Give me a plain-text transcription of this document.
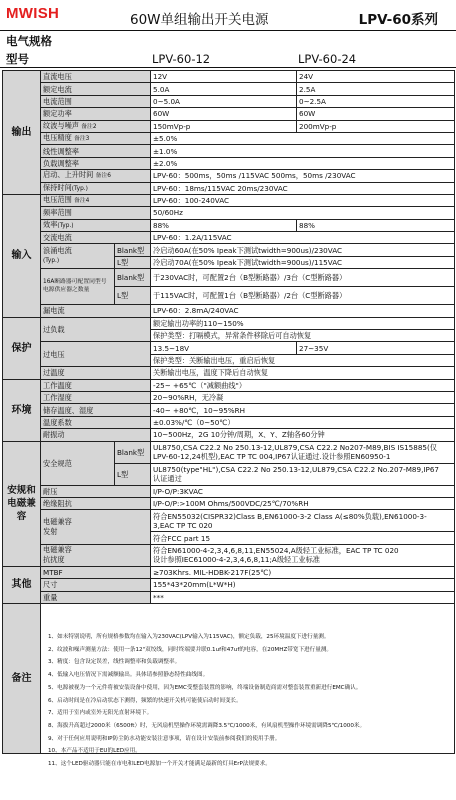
MWISH	60W单组输出开关电源	LPV-60系列
电气规格
型号	LPV-60-12	LPV-60-24
输出	直流电压		12V	24V
	额定电流		5.0A	2.5A
	电流范围		0~5.0A	0~2.5A
	额定功率		60W	60W
	纹波与噪声 备注2		150mVp-p	200mVp-p
	电压精度 备注3		±5.0%	
	线性调整率		±1.0%	
	负载调整率		±2.0%	
	启动、上升时间 备注6		LPV-60：500ms，50ms /115VAC 500ms，50ms /230VAC	
	保持时间(Typ.)		LPV-60：18ms/115VAC 20ms/230VAC	
输入	电压范围 备注4		LPV-60：100-240VAC	
	频率范围		50/60Hz	
	效率(Typ.)		88%	88%
	交流电流		LPV-60：1.2A/115VAC	
	浪涌电流
(Typ.)	Blank型	冷启动60A(在50% Ipeak下测试twidth=900us)/230VAC	
		L型	冷启动70A(在50% Ipeak下测试twidth=900us)/115VAC	
	16A断路器可配置同型号电源供应器之数量	Blank型	于230VAC时，可配置2台（B型断路器）/3台（C型断路器）	
		L型	于115VAC时，可配置1台（B型断路器）/2台（C型断路器）	
	漏电流		LPV-60：2.8mA/240VAC	
保护	过负载		额定输出功率的110~150%	
			保护类型：打嗝模式，异常条件移除后可自动恢复	
	过电压		13.5~18V	27~35V
			保护类型：关断输出电压，重启后恢复	
	过温度		关断输出电压，温度下降后自动恢复	
环境	工作温度		-25~ +65℃（"减额曲线"）	
	工作湿度		20~90%RH，无冷凝	
	储存温度、湿度		-40~ +80℃，10~95%RH	
	温度系数		±0.03%/℃（0~50℃）	
	耐振动		10~500Hz，2G 10分钟/周期，X、Y、Z轴各60分钟	
安规和电磁兼容	安全规范	Blank型	UL8750,CSA C22.2 No 250.13-12,UL879,CSA C22.2 No207-M89,BIS IS15885(仅
LPV-60-12,24机型),EAC TP TC 004,IP67认证通过.设计参照EN60950-1	
		L型	UL8750(type"HL"),CSA C22.2 No 250.13-12,UL879,CSA C22.2 No.207-M89,IP67
认证通过	
	耐压		I/P-O/P:3KVAC	
	绝缘阻抗		I/P-O/P:>100M Ohms/500VDC/25℃/70%RH	
	电磁兼容
发射		符合EN55032(CISPR32)Class B,EN61000-3-2 Class A(≤80%负载),EN61000-3-
3,EAC TP TC 020	
			符合FCC part 15	
	电磁兼容
抗扰度		符合EN61000-4-2,3,4,6,8,11,EN55024,A级轻工业标准，EAC TP TC 020
设计参照IEC61000-4-2,3,4,6,8,11;A级轻工业标准	
其他	MTBF		≥703Khrs. MIL-HDBK-217F(25℃)	
	尺寸		155*43*20mm(L*W*H)	
	重量		***	
备注				
1、如未特别说明，所有规格参数均在输入为230VAC(LPV输入为115VAC)，额定负载，25环境温度下进行量测。
2、纹波和噪声测量方法：使用一条12"双绞线，同时终端要并联0.1uf和47uf的电容，在20MHZ带宽下进行量测。
3、精度：包含设定误差，线性调整率和负载调整率。
4、低输入电压情况下需减额输出。具体请参照静态特性曲线图。
5、电源被视为一个元件将被安装设备中使用，因为EMC受整套装置的影响，终端设备制造商需对整套装置重新进行EMC确认。
6、启动时间是在冷启动状态下测得，频繁的快速开关机可能使启动时间变长。
7、适用于室内或室外无阳光直射环境下。
8、海拔升高超过2000米（6500ft）时，无风扇机型操作环境需调降3.5℃/1000米，有风扇机型操作环境需调降5℃/1000米。
9、对于任何应用说明和IP防尘防水功能安装注意事项，请在设计安装前参阅我们的使用手册。
10、本产品不适用于EU的LED应用。
11、这个LED驱动器只能在市电和LED电源加一个开关才能满足最新的灯具ErP法规要求。
